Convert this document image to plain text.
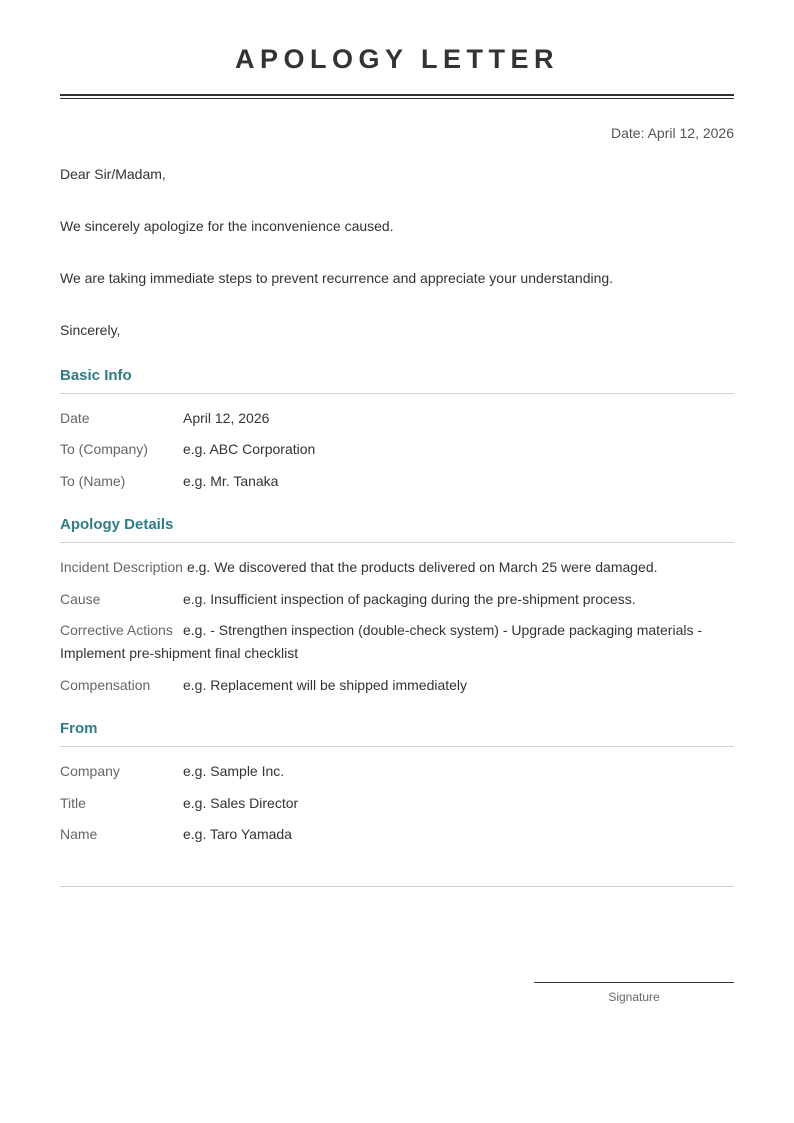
APOLOGY LETTER
Date: April 12, 2026
Dear Sir/Madam,
We sincerely apologize for the inconvenience caused.
We are taking immediate steps to prevent recurrence and appreciate your understanding.
Sincerely,
Basic Info
Date	April 12, 2026
To (Company)	e.g. ABC Corporation
To (Name)	e.g. Mr. Tanaka
Apology Details
Incident Description e.g. We discovered that the products delivered on March 25 were damaged.
Cause	e.g. Insufficient inspection of packaging during the pre-shipment process.
Corrective Actions e.g. - Strengthen inspection (double-check system) - Upgrade packaging materials - Implement pre-shipment final checklist
Compensation e.g. Replacement will be shipped immediately
From
Company	e.g. Sample Inc.
Title	e.g. Sales Director
Name	e.g. Taro Yamada
Signature
